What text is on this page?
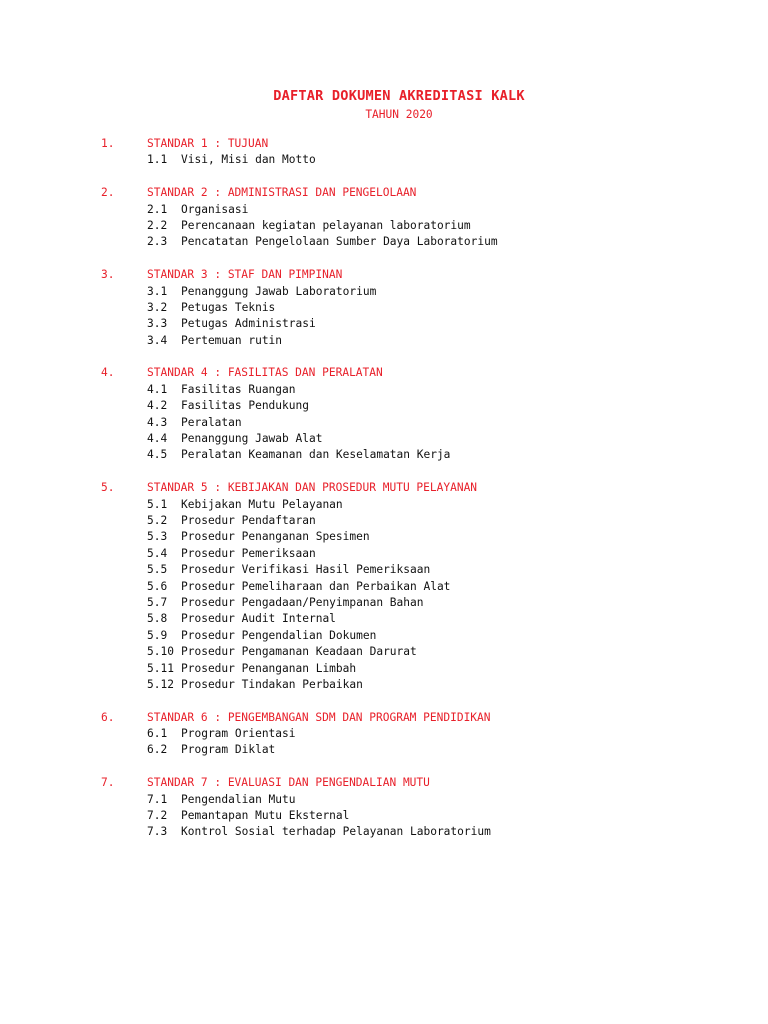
DAFTAR DOKUMEN AKREDITASI KALK
TAHUN 2020
1.	STANDAR 1 : TUJUAN
1.1	Visi, Misi dan Motto
2.	STANDAR 2 : ADMINISTRASI DAN PENGELOLAAN
2.1	Organisasi
2.2	Perencanaan kegiatan pelayanan laboratorium
2.3	Pencatatan Pengelolaan Sumber Daya Laboratorium
3.	STANDAR 3 : STAF DAN PIMPINAN
3.1	Penanggung Jawab Laboratorium
3.2	Petugas Teknis
3.3	Petugas Administrasi
3.4	Pertemuan rutin
4.	STANDAR 4 : FASILITAS DAN PERALATAN
4.1	Fasilitas Ruangan
4.2	Fasilitas Pendukung
4.3	Peralatan
4.4	Penanggung Jawab Alat
4.5	Peralatan Keamanan dan Keselamatan Kerja
5.	STANDAR 5 : KEBIJAKAN DAN PROSEDUR MUTU PELAYANAN
5.1	Kebijakan Mutu Pelayanan
5.2	Prosedur Pendaftaran
5.3	Prosedur Penanganan Spesimen
5.4	Prosedur Pemeriksaan
5.5	Prosedur Verifikasi Hasil Pemeriksaan
5.6	Prosedur Pemeliharaan dan Perbaikan Alat
5.7	Prosedur Pengadaan/Penyimpanan Bahan
5.8	Prosedur Audit Internal
5.9	Prosedur Pengendalian Dokumen
5.10 Prosedur Pengamanan Keadaan Darurat
5.11 Prosedur Penanganan Limbah
5.12 Prosedur Tindakan Perbaikan
6.	STANDAR 6 : PENGEMBANGAN SDM DAN PROGRAM PENDIDIKAN
6.1	Program Orientasi
6.2	Program Diklat
7.	STANDAR 7 : EVALUASI DAN PENGENDALIAN MUTU
7.1	Pengendalian Mutu
7.2	Pemantapan Mutu Eksternal
7.3	Kontrol Sosial terhadap Pelayanan Laboratorium
